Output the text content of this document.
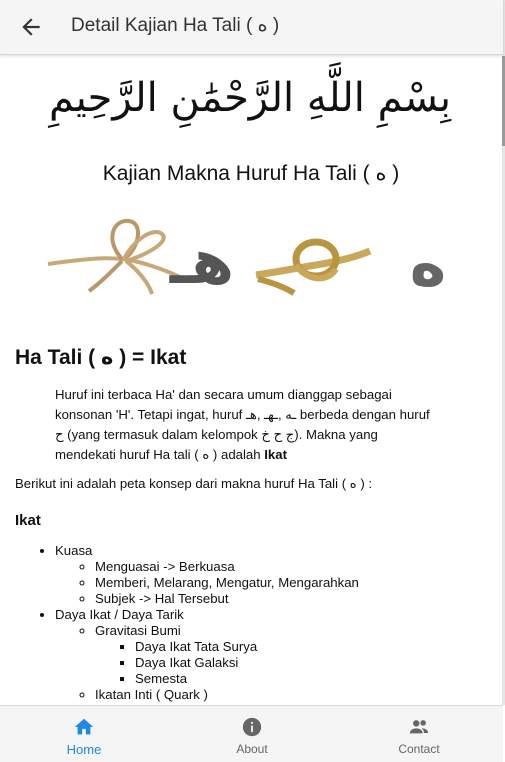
Detail Kajian Ha Tali ( ه )
بِسْمِ اللَّهِ الرَّحْمَٰنِ الرَّحِيمِ
Kajian Makna Huruf Ha Tali ( ه )
هـ	ه
Ha Tali ( ه ) = Ikat
Huruf ini terbaca Ha' dan secara umum dianggap sebagai konsonan 'H'. Tetapi ingat, huruf ـه ,ـهـ ,هـ berbeda dengan huruf ح (yang termasuk dalam kelompok ج ح خ). Makna yang mendekati huruf Ha tali ( ه ) adalah Ikat
Berikut ini adalah peta konsep dari makna huruf Ha Tali ( ه ) :
Ikat
• Kuasa
◦ Menguasai -> Berkuasa
◦ Memberi, Melarang, Mengatur, Mengarahkan
◦ Subjek -> Hal Tersebut
• Daya Ikat / Daya Tarik
◦ Gravitasi Bumi
▪ Daya Ikat Tata Surya
▪ Daya Ikat Galaksi
▪ Semesta
◦ Ikatan Inti ( Quark )
Home	About	Contact
